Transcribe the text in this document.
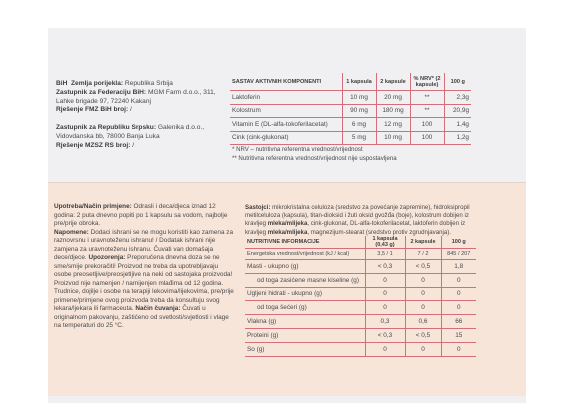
BiH Zemlja porijekla: Republika Srbija

Zastupnik za Federaciju BiH: MGM Farm d.o.o., 311, Lahke brigade 97, 72240 Kakanj

Rješenje FMZ BiH broj: /

Zastupnik za Republiku Srpsku: Galenika d.o.o., Vidovdanska bb, 78000 Banja Luka

Rješenje MZSZ RS broj: /

SASTAV AKTIVNIH KOMPONENTI	1 kapsula	2 kapsule	% NRV* (2 kapsule)	100 g
Laktoferin	10 mg	20 mg	**	2,3g
Kolostrum	90 mg	180 mg	**	20,9g
Vitamin E (DL-alfa-tokoferilacetat)	6 mg	12 mg	100	1,4g
Cink (cink-glukonat)	5 mg	10 mg	100	1,2g

* NRV – nutritivna referentna vrednost/vrijednost

** Nutritivna referentna vrednost/vrijednost nije uspostavljena

Upotreba/Način primjene: Odrasli i deca/djeca iznad 12 godina: 2 puta dnevno popiti po 1 kapsulu sa vodom, najbolje pre/prije obroka.

Napomene: Dodaci ishrani se ne mogu koristiti kao zamena za raznovrsnu i uravnoteženu ishranu! / Dodatak ishrani nije zamjena za uravnoteženu ishranu. Čuvati van domašaja dece/djece. Upozorenja: Preporučena dnevna doza se ne sme/smije prekoračiti! Proizvod ne treba da upotrebljavaju osobe preosetljive/preosjetljive na neki od sastojaka proizvoda! Proizvod nije namenjen / namijenjen mlađima od 12 godina. Trudnice, dojilje i osobe na terapiji lekovima/lijekovima, pre/prije primene/primjene ovog proizvoda treba da konsultuju svog lekara/ljekara ili farmaceuta. Način čuvanja: Čuvati u originalnom pakovanju, zaštićeno od svetlosti/svjetlosti i vlage na temperaturi do 25 °C.

Sastojci: mikrokristalna celuloza (sredstvo za povećanje zapremine), hidroksipropil metilceluloza (kapsula), titan-dioksid i žuti oksid gvožđa (boje), kolostrum dobijen iz kravljeg mleka/mlijeka, cink-glukonat, DL-alfa-tokoferilacetat, laktoferin dobijen iz kravljeg mleka/mlijeka, magnezijum-stearat (sredstvo protiv zgrudnjavanja).

NUTRITIVNE INFORMACIJE	1 kapsula (0,43 g)	2 kapsule	100 g
Energetska vrednost/vrijednost (kJ / kcal)	3,5 / 1	7 / 2	845 / 207
Masti - ukupno (g)	< 0,3	< 0,5	1,8
od toga zasićene masne kiseline (g)	0	0	0
Ugljeni hidrati - ukupno (g)	0	0	0
od toga šećeri (g)	0	0	0
Vlakna (g)	0,3	0,6	66
Proteini (g)	< 0,3	< 0,5	15
So (g)	0	0	0
